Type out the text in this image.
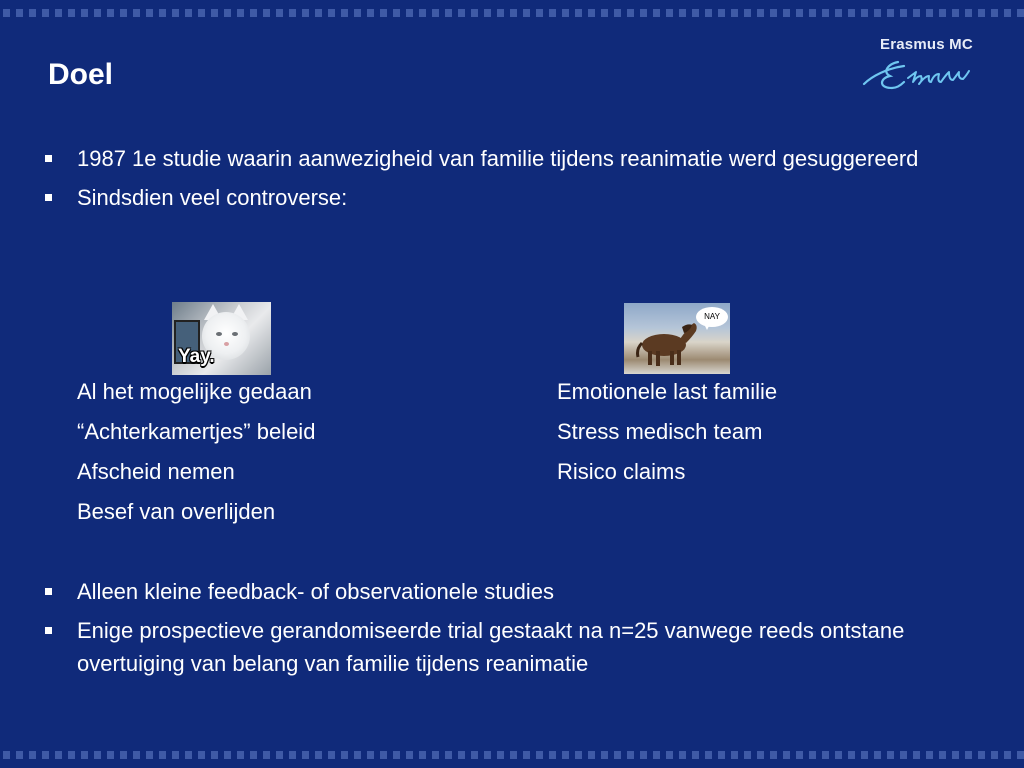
Doel
Erasmus MC
1987 1e studie waarin aanwezigheid van familie tijdens reanimatie werd gesuggereerd
Sindsdien veel controverse:
Yay.
NAY
Al het mogelijke gedaan
“Achterkamertjes” beleid
Afscheid nemen
Besef van overlijden
Emotionele last familie
Stress medisch team
Risico claims
Alleen kleine feedback- of observationele studies
Enige prospectieve gerandomiseerde trial gestaakt na n=25 vanwege reeds ontstane overtuiging van belang van familie tijdens reanimatie
